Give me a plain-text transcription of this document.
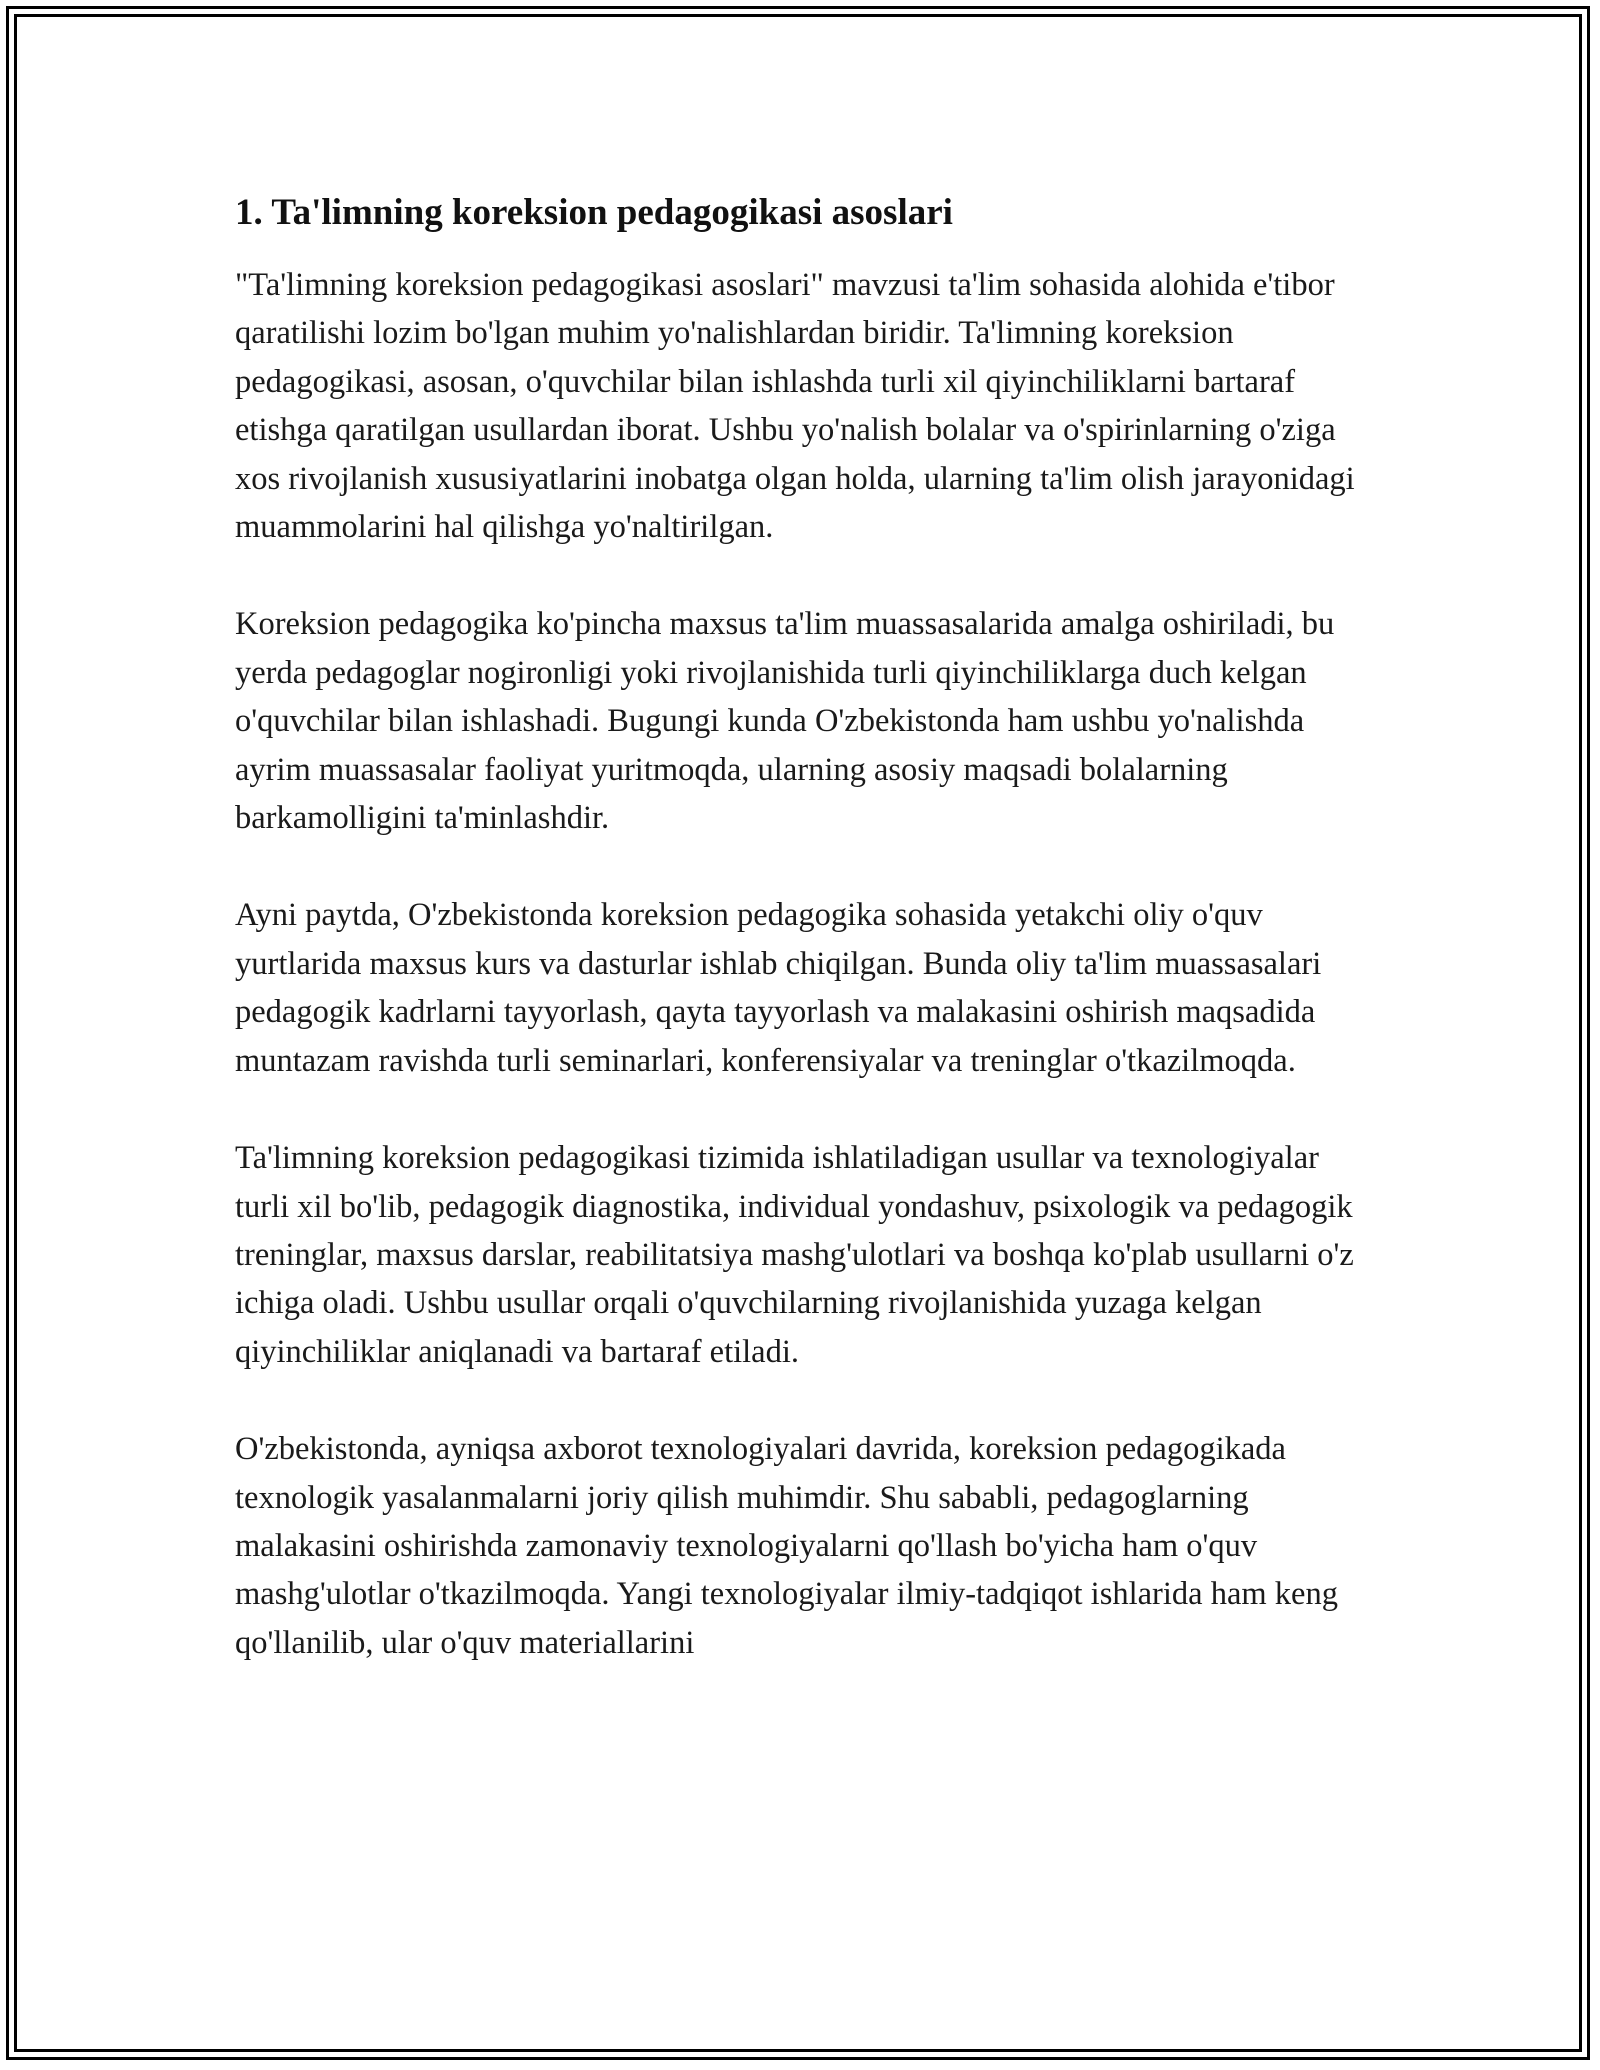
1. Ta'limning koreksion pedagogikasi asoslari

"Ta'limning koreksion pedagogikasi asoslari" mavzusi ta'lim sohasida alohida e'tibor qaratilishi lozim bo'lgan muhim yo'nalishlardan biridir. Ta'limning koreksion pedagogikasi, asosan, o'quvchilar bilan ishlashda turli xil qiyinchiliklarni bartaraf etishga qaratilgan usullardan iborat. Ushbu yo'nalish bolalar va o'spirinlarning o'ziga xos rivojlanish xususiyatlarini inobatga olgan holda, ularning ta'lim olish jarayonidagi muammolarini hal qilishga yo'naltirilgan.

Koreksion pedagogika ko'pincha maxsus ta'lim muassasalarida amalga oshiriladi, bu yerda pedagoglar nogironligi yoki rivojlanishida turli qiyinchiliklarga duch kelgan o'quvchilar bilan ishlashadi. Bugungi kunda O'zbekistonda ham ushbu yo'nalishda ayrim muassasalar faoliyat yuritmoqda, ularning asosiy maqsadi bolalarning barkamolligini ta'minlashdir.

Ayni paytda, O'zbekistonda koreksion pedagogika sohasida yetakchi oliy o'quv yurtlarida maxsus kurs va dasturlar ishlab chiqilgan. Bunda oliy ta'lim muassasalari pedagogik kadrlarni tayyorlash, qayta tayyorlash va malakasini oshirish maqsadida muntazam ravishda turli seminarlari, konferensiyalar va treninglar o'tkazilmoqda.

Ta'limning koreksion pedagogikasi tizimida ishlatiladigan usullar va texnologiyalar turli xil bo'lib, pedagogik diagnostika, individual yondashuv, psixologik va pedagogik treninglar, maxsus darslar, reabilitatsiya mashg'ulotlari va boshqa ko'plab usullarni o'z ichiga oladi. Ushbu usullar orqali o'quvchilarning rivojlanishida yuzaga kelgan qiyinchiliklar aniqlanadi va bartaraf etiladi.

O'zbekistonda, ayniqsa axborot texnologiyalari davrida, koreksion pedagogikada texnologik yasalanmalarni joriy qilish muhimdir. Shu sababli, pedagoglarning malakasini oshirishda zamonaviy texnologiyalarni qo'llash bo'yicha ham o'quv mashg'ulotlar o'tkazilmoqda. Yangi texnologiyalar ilmiy-tadqiqot ishlarida ham keng qo'llanilib, ular o'quv materiallarini
